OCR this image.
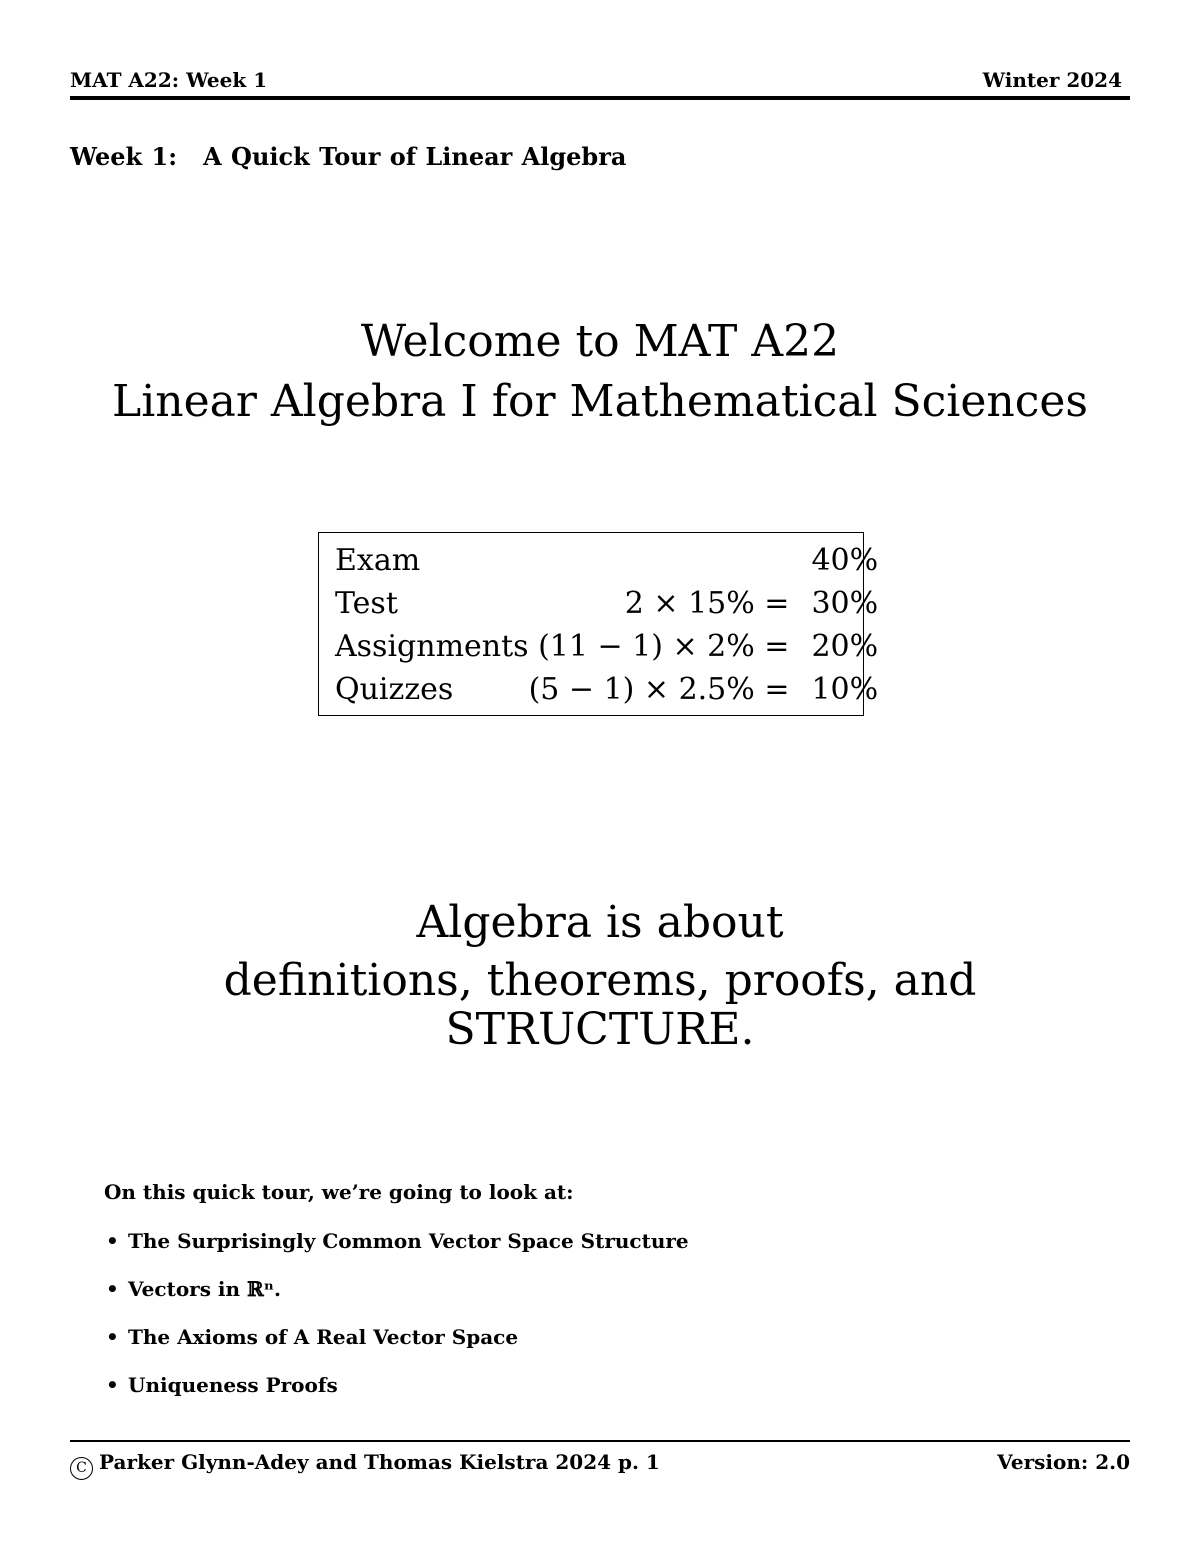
MAT A22: Week 1	Winter 2024
Week 1: A Quick Tour of Linear Algebra
Welcome to MAT A22
Linear Algebra I for Mathematical Sciences
Exam		40%
Test	2 × 15% =	30%
Assignments	(11 − 1) × 2% =	20%
Quizzes	(5 − 1) × 2.5% =	10%
Algebra is about
definitions, theorems, proofs, and
STRUCTURE.
On this quick tour, we’re going to look at:
• The Surprisingly Common Vector Space Structure
• Vectors in ℝⁿ.
• The Axioms of A Real Vector Space
• Uniqueness Proofs
C Parker Glynn-Adey and Thomas Kielstra 2024 p. 1	Version: 2.0
